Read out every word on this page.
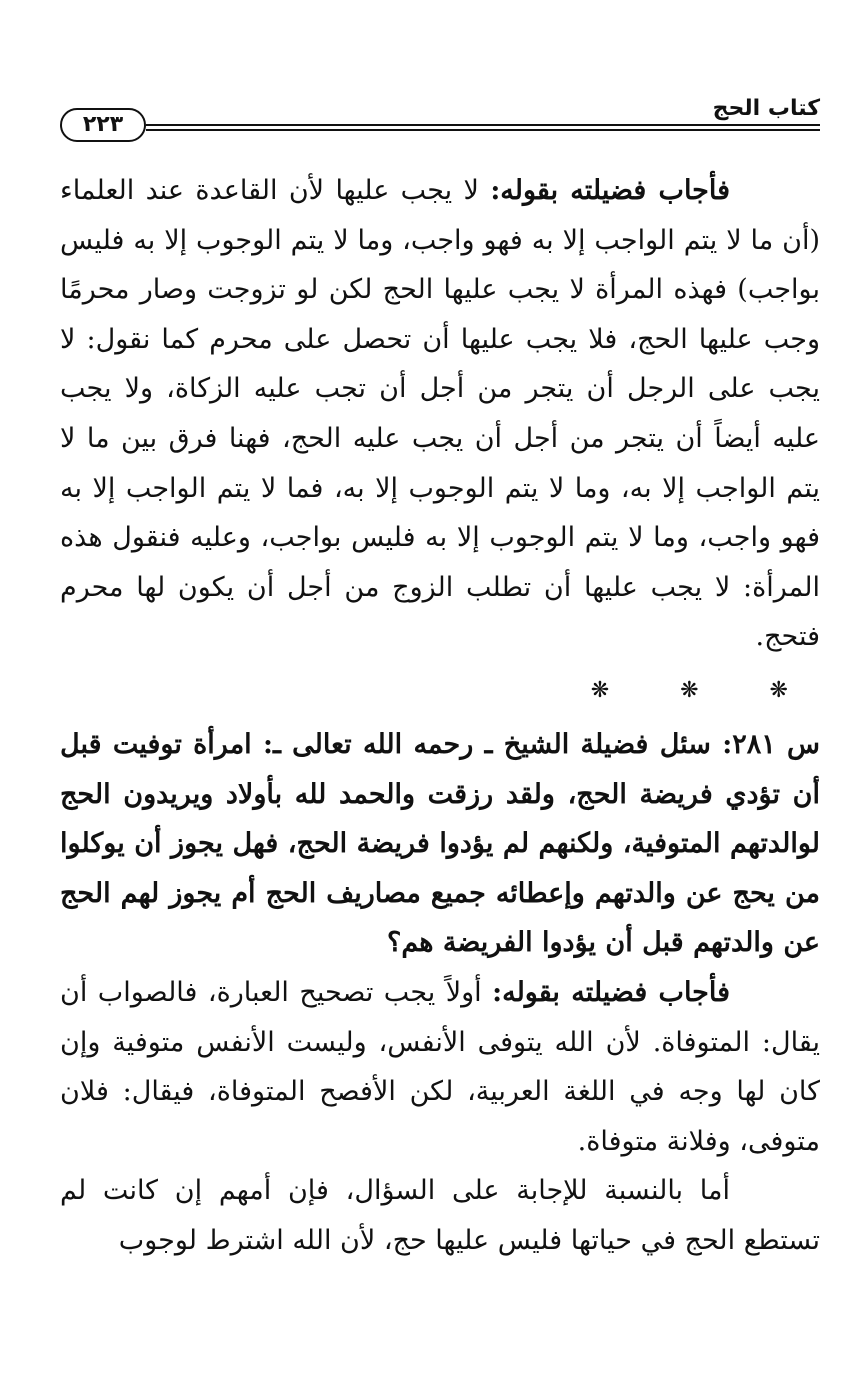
٢٢٣
كتاب الحج

فأجاب فضيلته بقوله: لا يجب عليها لأن القاعدة عند العلماء (أن ما لا يتم الواجب إلا به فهو واجب، وما لا يتم الوجوب إلا به فليس بواجب) فهذه المرأة لا يجب عليها الحج لكن لو تزوجت وصار محرمًا وجب عليها الحج، فلا يجب عليها أن تحصل على محرم كما نقول: لا يجب على الرجل أن يتجر من أجل أن تجب عليه الزكاة، ولا يجب عليه أيضاً أن يتجر من أجل أن يجب عليه الحج، فهنا فرق بين ما لا يتم الواجب إلا به، وما لا يتم الوجوب إلا به، فما لا يتم الواجب إلا به فهو واجب، وما لا يتم الوجوب إلا به فليس بواجب، وعليه فنقول هذه المرأة: لا يجب عليها أن تطلب الزوج من أجل أن يكون لها محرم فتحج.

❋ ❋ ❋

س ٢٨١: سئل فضيلة الشيخ ـ رحمه الله تعالى ـ: امرأة توفيت قبل أن تؤدي فريضة الحج، ولقد رزقت والحمد لله بأولاد ويريدون الحج لوالدتهم المتوفية، ولكنهم لم يؤدوا فريضة الحج، فهل يجوز أن يوكلوا من يحج عن والدتهم وإعطائه جميع مصاريف الحج أم يجوز لهم الحج عن والدتهم قبل أن يؤدوا الفريضة هم؟

فأجاب فضيلته بقوله: أولاً يجب تصحيح العبارة، فالصواب أن يقال: المتوفاة. لأن الله يتوفى الأنفس، وليست الأنفس متوفية وإن كان لها وجه في اللغة العربية، لكن الأفصح المتوفاة، فيقال: فلان متوفى، وفلانة متوفاة.

أما بالنسبة للإجابة على السؤال، فإن أمهم إن كانت لم تستطع الحج في حياتها فليس عليها حج، لأن الله اشترط لوجوب
